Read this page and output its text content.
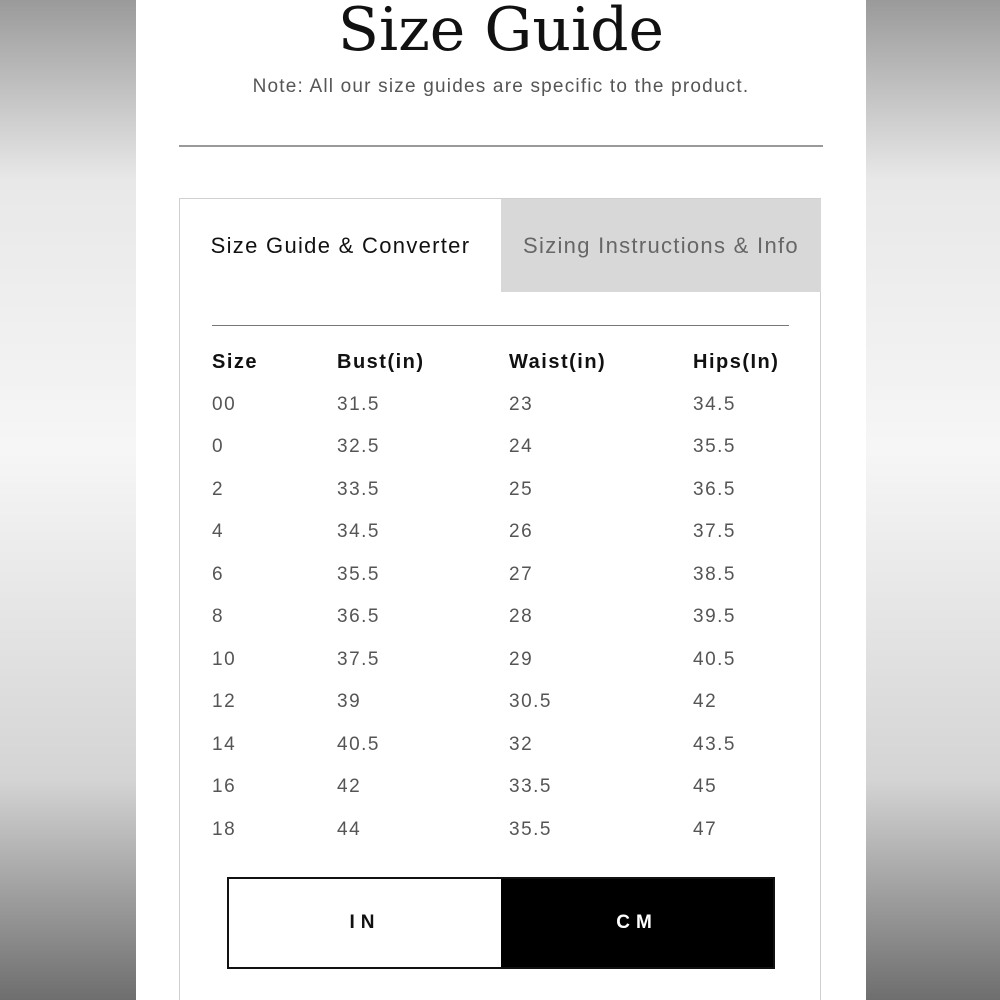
Size Guide
Note: All our size guides are specific to the product.
Size Guide & Converter	Sizing Instructions & Info
Size	Bust(in)	Waist(in)	Hips(In)
00	31.5	23	34.5
0	32.5	24	35.5
2	33.5	25	36.5
4	34.5	26	37.5
6	35.5	27	38.5
8	36.5	28	39.5
10	37.5	29	40.5
12	39	30.5	42
14	40.5	32	43.5
16	42	33.5	45
18	44	35.5	47
IN	CM
